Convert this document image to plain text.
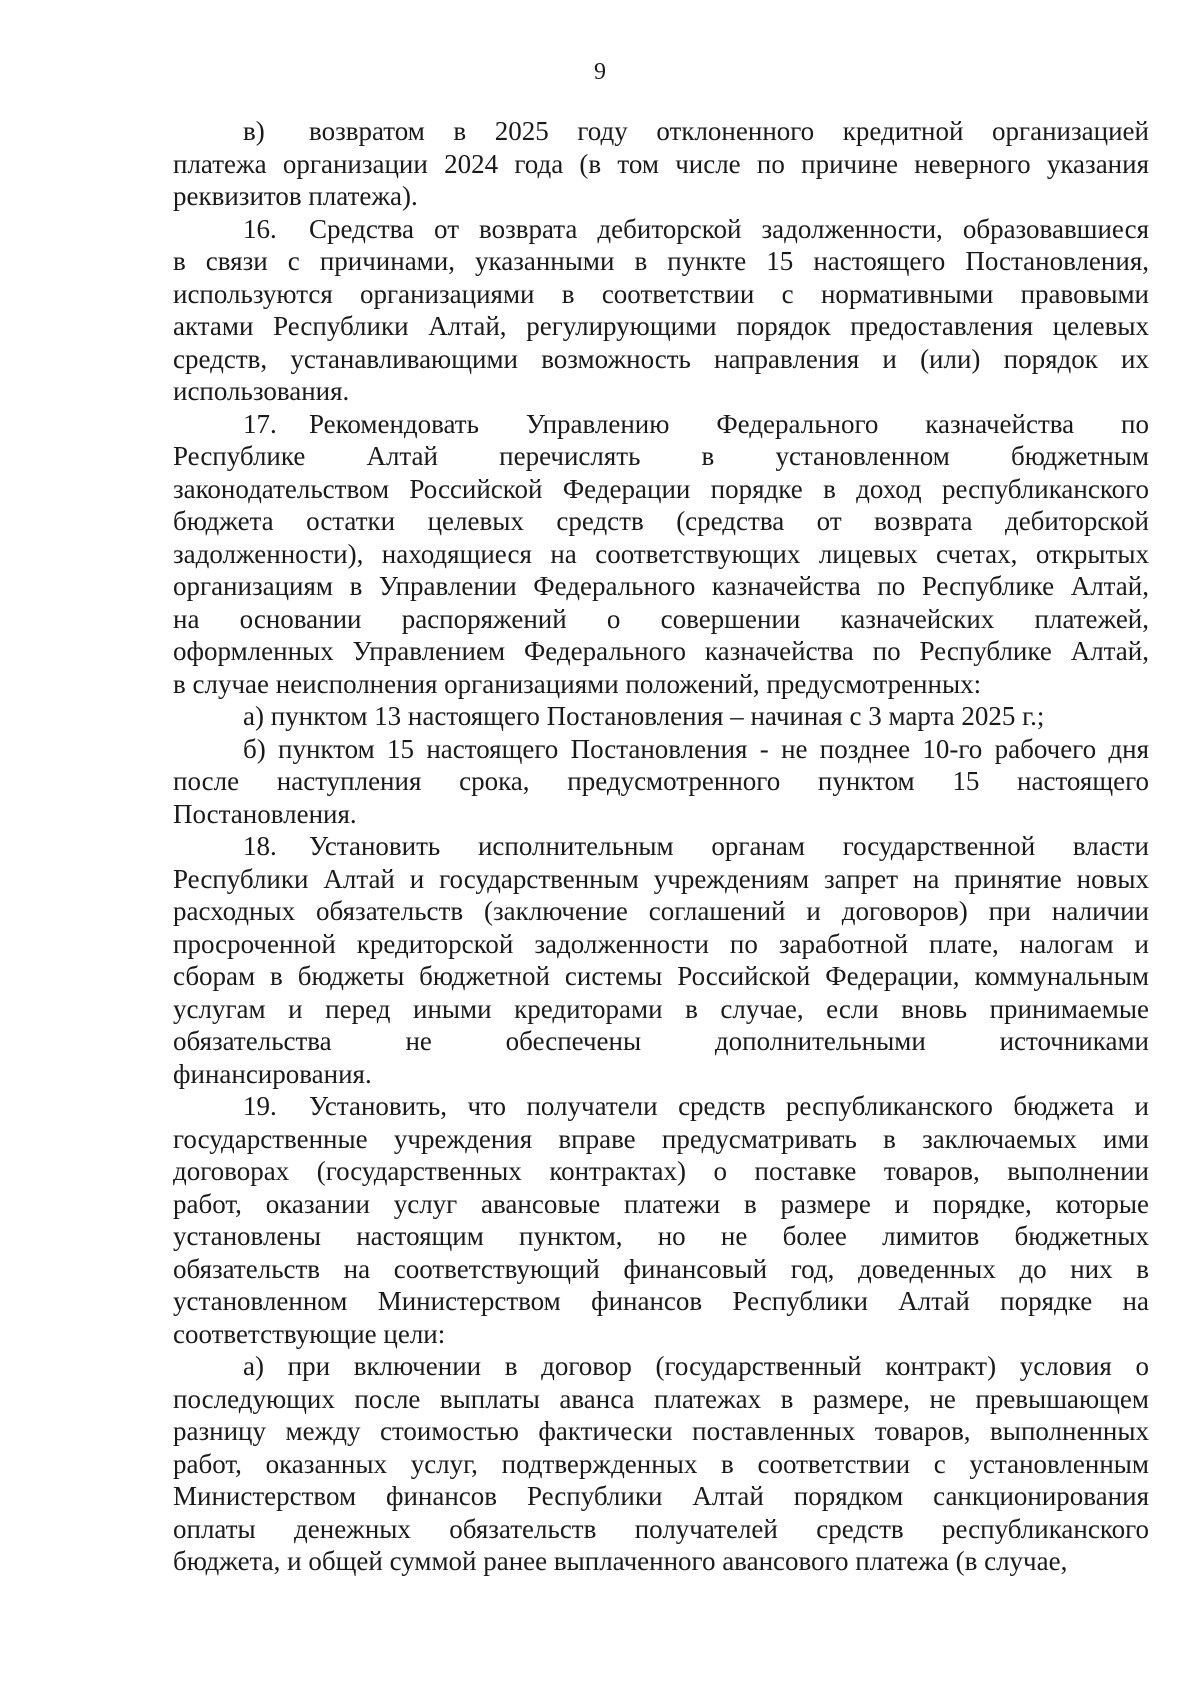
9
в) возвратом в 2025 году отклоненного кредитной организацией
платежа организации 2024 года (в том числе по причине неверного указания
реквизитов платежа).
16. Средства от возврата дебиторской задолженности, образовавшиеся
в связи с причинами, указанными в пункте 15 настоящего Постановления,
используются организациями в соответствии с нормативными правовыми
актами Республики Алтай, регулирующими порядок предоставления целевых
средств, устанавливающими возможность направления и (или) порядок их
использования.
17. Рекомендовать Управлению Федерального казначейства по
Республике Алтай перечислять в установленном бюджетным
законодательством Российской Федерации порядке в доход республиканского
бюджета остатки целевых средств (средства от возврата дебиторской
задолженности), находящиеся на соответствующих лицевых счетах, открытых
организациям в Управлении Федерального казначейства по Республике Алтай,
на основании распоряжений о совершении казначейских платежей,
оформленных Управлением Федерального казначейства по Республике Алтай,
в случае неисполнения организациями положений, предусмотренных:
а) пунктом 13 настоящего Постановления – начиная с 3 марта 2025 г.;
б) пунктом 15 настоящего Постановления - не позднее 10-го рабочего дня
после наступления срока, предусмотренного пунктом 15 настоящего
Постановления.
18. Установить исполнительным органам государственной власти
Республики Алтай и государственным учреждениям запрет на принятие новых
расходных обязательств (заключение соглашений и договоров) при наличии
просроченной кредиторской задолженности по заработной плате, налогам и
сборам в бюджеты бюджетной системы Российской Федерации, коммунальным
услугам и перед иными кредиторами в случае, если вновь принимаемые
обязательства не обеспечены дополнительными источниками
финансирования.
19. Установить, что получатели средств республиканского бюджета и
государственные учреждения вправе предусматривать в заключаемых ими
договорах (государственных контрактах) о поставке товаров, выполнении
работ, оказании услуг авансовые платежи в размере и порядке, которые
установлены настоящим пунктом, но не более лимитов бюджетных
обязательств на соответствующий финансовый год, доведенных до них в
установленном Министерством финансов Республики Алтай порядке на
соответствующие цели:
а) при включении в договор (государственный контракт) условия о
последующих после выплаты аванса платежах в размере, не превышающем
разницу между стоимостью фактически поставленных товаров, выполненных
работ, оказанных услуг, подтвержденных в соответствии с установленным
Министерством финансов Республики Алтай порядком санкционирования
оплаты денежных обязательств получателей средств республиканского
бюджета, и общей суммой ранее выплаченного авансового платежа (в случае,
